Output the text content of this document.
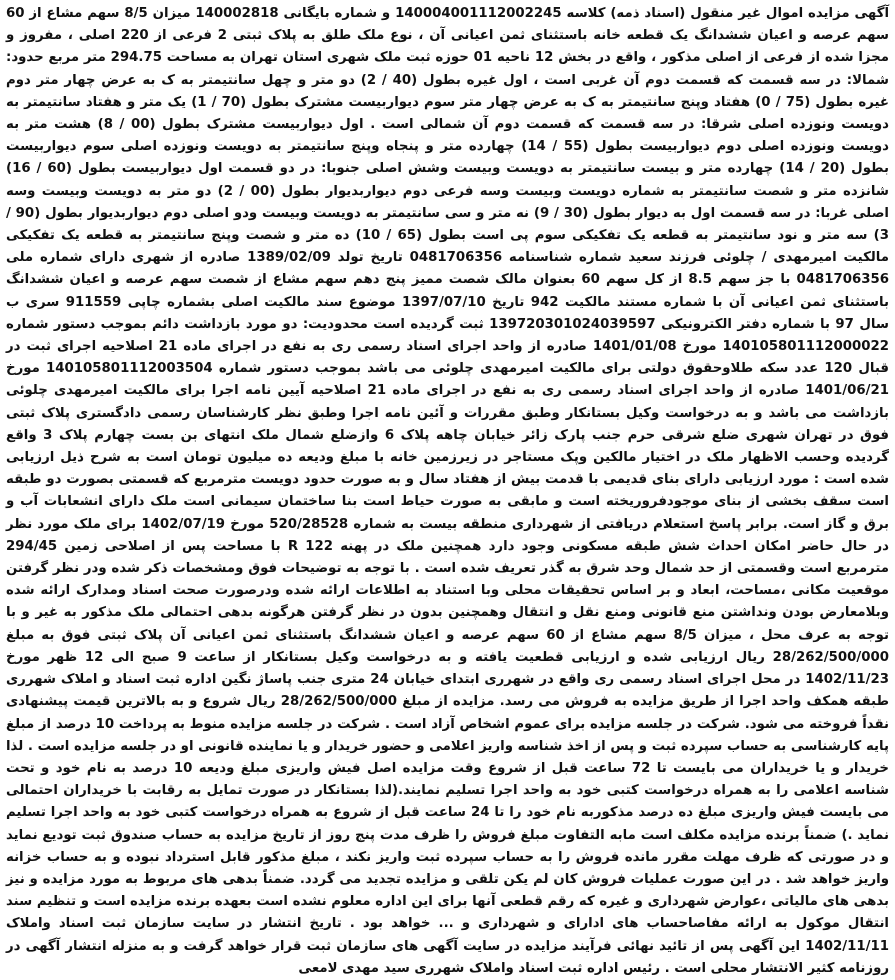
آگهی مزایده اموال غیر منقول (اسناد ذمه) کلاسه 140004001112002245 و شماره بایگانی 140002818 میزان 8/5 سهم مشاع از 60 سهم عرصه و اعیان ششدانگ یک قطعه خانه باستثنای ثمن اعیانی آن ، نوع ملک طلق به پلاک ثبتی 2 فرعی از 220 اصلی ، مفروز و مجزا شده از فرعی از اصلی مذکور ، واقع در بخش 12 ناحیه 01 حوزه ثبت ملک شهری استان تهران به مساحت 294.75 متر مربع حدود: شمالا: در سه قسمت که قسمت دوم آن غربی است ، اول غیره بطول (40 / 2) دو متر و چهل سانتیمتر به ک به عرض چهار متر دوم غیره بطول (75 / 0) هفتاد وپنج سانتیمتر به ک به عرض چهار متر سوم دیواربیست مشترک بطول (70 / 1) یک متر و هفتاد سانتیمتر به دویست ونوزده اصلی شرقا: در سه قسمت که قسمت دوم آن شمالی است . اول دیواربیست مشترک بطول (00 / 8) هشت متر به دویست ونوزده اصلی دوم دیواربیست بطول (55 / 14) چهارده متر و پنجاه وپنج سانتیمتر به دویست ونوزده اصلی سوم دیواربیست بطول (20 / 14) چهارده متر و بیست سانتیمتر به دویست وبیست وشش اصلی جنوبا: در دو قسمت اول دیواربیست بطول (60 / 16) شانزده متر و شصت سانتیمتر به شماره دویست وبیست وسه فرعی دوم دیواربدیوار بطول (00 / 2) دو متر به دویست وبیست وسه اصلی غربا: در سه قسمت اول به دیوار بطول (30 / 9) نه متر و سی سانتیمتر به دویست وبیست ودو اصلی دوم دیواربدیوار بطول (90 / 3) سه متر و نود سانتیمتر به قطعه یک تفکیکی سوم پی است بطول (65 / 10) ده متر و شصت وپنج سانتیمتر به قطعه یک تفکیکی مالکیت امیرمهدی / چلوئی فرزند سعید شماره شناسنامه 0481706356 تاریخ تولد 1389/02/09 صادره از شهری دارای شماره ملی 0481706356 با جز سهم 8.5 از کل سهم 60 بعنوان مالک شصت ممیز پنج دهم سهم مشاع از شصت سهم عرصه و اعیان ششدانگ باستثنای ثمن اعیانی آن با شماره مستند مالکیت 942 تاریخ 1397/07/10 موضوع سند مالکیت اصلی بشماره چاپی 911559 سری ب سال 97 با شماره دفتر الکترونیکی 139720301024039597 ثبت گردیده است محدودیت: دو مورد بازداشت دائم بموجب دستور شماره 140105801112000022 مورخ 1401/01/08 صادره از واحد اجرای اسناد رسمی ری به نفع در اجرای ماده 21 اصلاحیه اجرای ثبت در قبال 120 عدد سکه طلاوحقوق دولتی برای مالکیت امیرمهدی چلوئی می باشد بموجب دستور شماره 140105801112003504 مورخ 1401/06/21 صادره از واحد اجرای اسناد رسمی ری به نفع در اجرای ماده 21 اصلاحیه آیین نامه اجرا برای مالکیت امیرمهدی چلوئی بازداشت می باشد و به درخواست وکیل بستانکار وطبق مقررات و آئین نامه اجرا وطبق نظر کارشناسان رسمی دادگستری پلاک ثبتی فوق در تهران شهری ضلع شرقی حرم جنب پارک زائر خیابان چاهه پلاک 6 وازضلع شمال ملک انتهای بن بست چهارم پلاک 3 واقع گردیده وحسب الاظهار ملک در اختیار مالکین وپک مستاجر در زیرزمین خانه با مبلغ ودیعه ده میلیون تومان است به شرح ذیل ارزیابی شده است : مورد ارزیابی دارای بنای قدیمی با قدمت بیش از هفتاد سال و به صورت حدود دویست مترمربع که قسمتی بصورت دو طبقه است سقف بخشی از بنای موجودفروریخته است و مابقی به صورت حیاط است بنا ساختمان سیمانی است ملک دارای انشعابات آب و برق و گاز است. برابر پاسخ استعلام دریافتی از شهرداری منطقه بیست به شماره 520/28528 مورخ 1402/07/19 برای ملک مورد نظر در حال حاضر امکان احداث شش طبقه مسکونی وجود دارد همچنین ملک در پهنه R 122 با مساحت پس از اصلاحی زمین 294/45 مترمربع است وقسمتی از حد شمال وحد شرق به گذر تعریف شده است . با توجه به توضیحات فوق ومشخصات ذکر شده ودر نظر گرفتن موقعیت مکانی ،مساحت، ابعاد و بر اساس تحقیقات محلی وبا استناد به اطلاعات ارائه شده ودرصورت صحت اسناد ومدارک ارائه شده وبلامعارض بودن ونداشتن منع قانونی ومنع نقل و انتقال وهمچنین بدون در نظر گرفتن هرگونه بدهی احتمالی ملک مذکور به غیر و با توجه به عرف محل ، میزان 8/5 سهم مشاع از 60 سهم عرصه و اعیان ششدانگ باستثنای ثمن اعیانی آن پلاک ثبتی فوق به مبلغ 28/262/500/000 ریال ارزیابی شده و ارزیابی قطعیت یافته و به درخواست وکیل بستانکار از ساعت 9 صبح الی 12 ظهر مورخ 1402/11/23 در محل اجرای اسناد رسمی ری واقع در شهرری ابتدای خیابان 24 متری جنب پاساژ نگین اداره ثبت اسناد و املاک شهرری طبقه همکف واحد اجرا از طریق مزایده به فروش می رسد. مزایده از مبلغ 28/262/500/000 ریال شروع و به بالاترین قیمت پیشنهادی نقداً فروخته می شود. شرکت در جلسه مزایده برای عموم اشخاص آزاد است . شرکت در جلسه مزایده منوط به پرداخت 10 درصد از مبلغ پایه کارشناسی به حساب سپرده ثبت و پس از اخذ شناسه واریز اعلامی و حضور خریدار و یا نماینده قانونی او در جلسه مزایده است . لذا خریدار و یا خریداران می بایست تا 72 ساعت قبل از شروع وقت مزایده اصل فیش واریزی مبلغ ودیعه 10 درصد به نام خود و تحت شناسه اعلامی را به همراه درخواست کتبی خود به واحد اجرا تسلیم نمایند.(لذا بستانکار در صورت تمایل به رقابت با خریداران احتمالی می بایست فیش واریزی مبلغ ده درصد مذکوربه نام خود را تا 24 ساعت قبل از شروع به همراه درخواست کتبی خود به واحد اجرا تسلیم نماید .) ضمناً برنده مزایده مکلف است مابه التفاوت مبلغ فروش را ظرف مدت پنج روز از تاریخ مزایده به حساب صندوق ثبت تودیع نماید و در صورتی که ظرف مهلت مقرر مانده فروش را به حساب سپرده ثبت واریز نکند ، مبلغ مذکور قابل استرداد نبوده و به حساب خزانه واریز خواهد شد . در این صورت عملیات فروش کان لم یکن تلقی و مزایده تجدید می گردد. ضمناً بدهی های مربوط به مورد مزایده و نیز بدهی های مالیاتی ،عوارض شهرداری و غیره که رقم قطعی آنها برای این اداره معلوم نشده است بعهده برنده مزایده است و تنظیم سند انتقال موکول به ارائه مفاصاحساب های ادارای و شهرداری و ... خواهد بود . تاریخ انتشار در سایت سازمان ثبت اسناد واملاک 1402/11/11 این آگهی پس از تائید نهائی فرآیند مزایده در سایت آگهی های سازمان ثبت قرار خواهد گرفت و به منزله انتشار آگهی در روزنامه کثیر الانتشار محلی است . رئیس اداره ثبت اسناد واملاک شهرری سید مهدی لامعی
